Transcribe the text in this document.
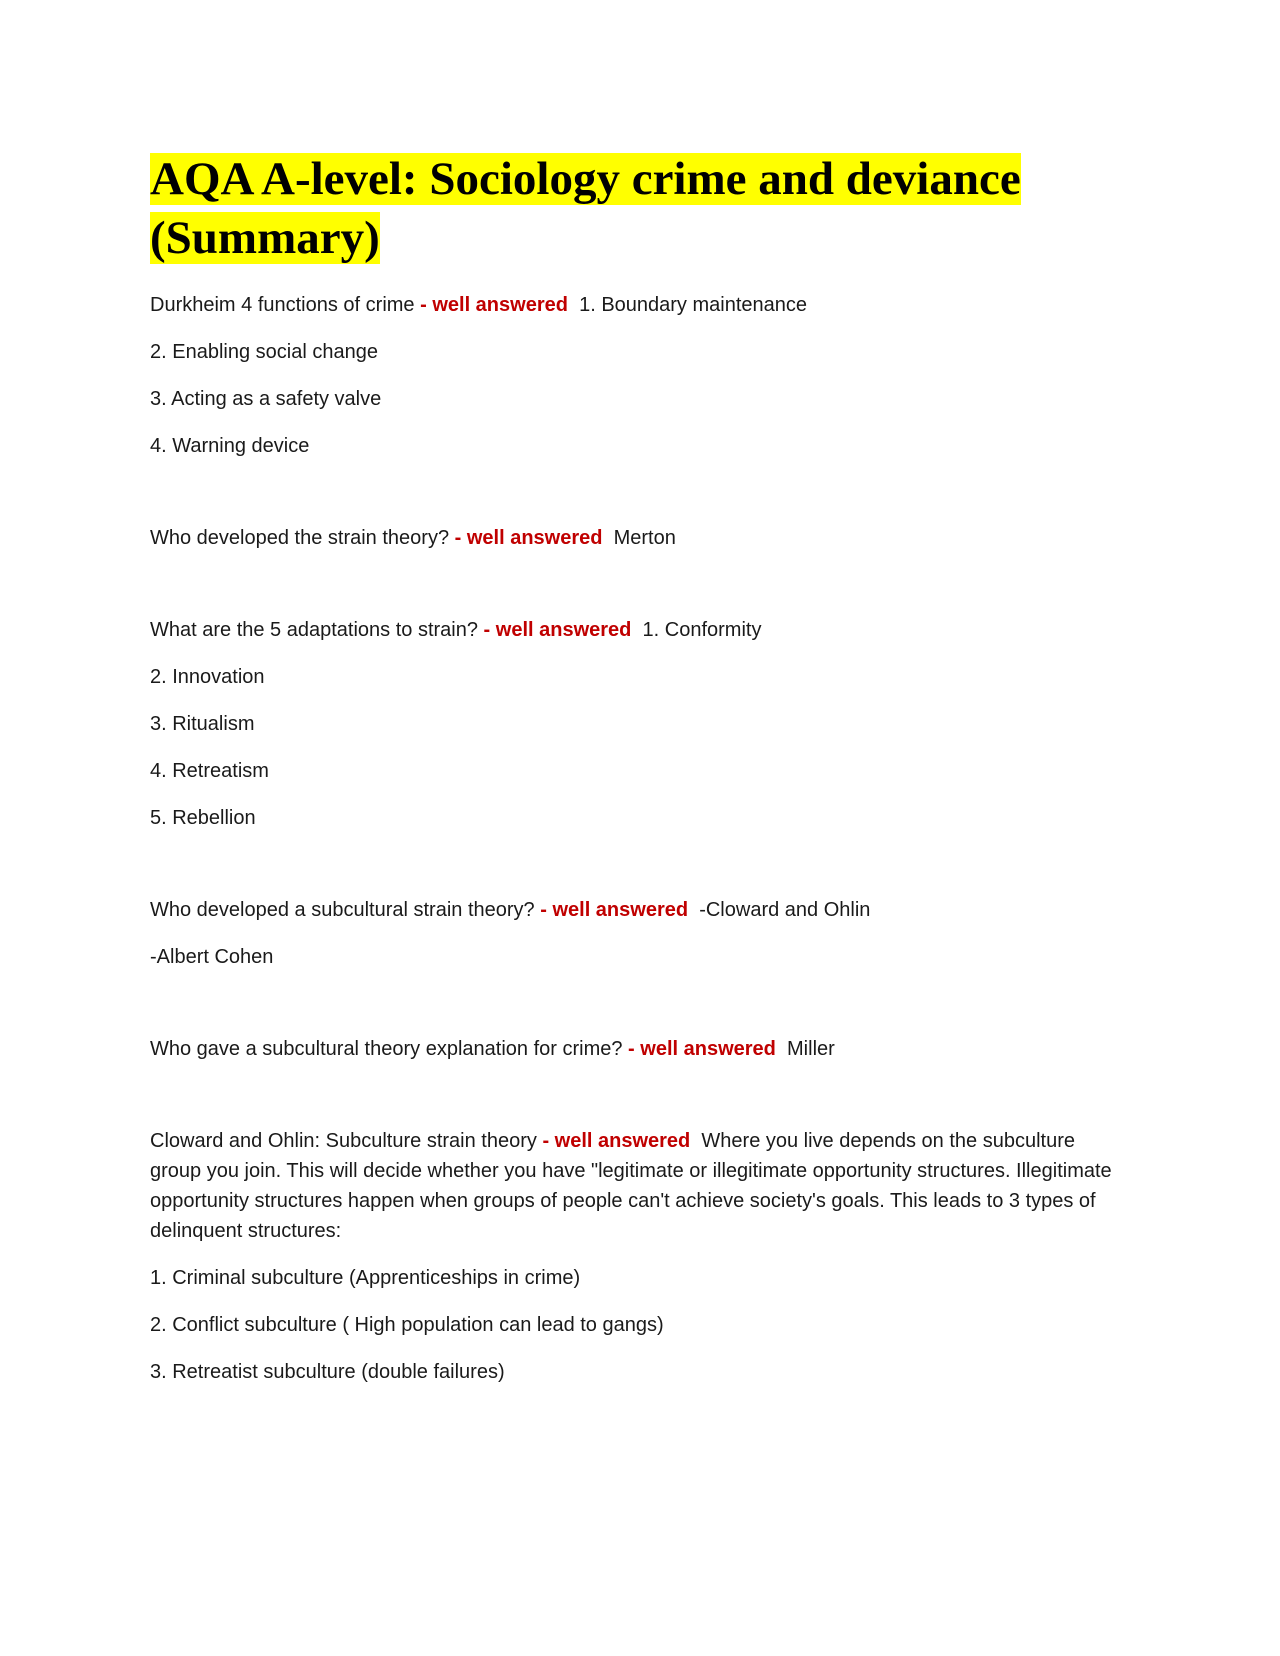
AQA A-level: Sociology crime and deviance (Summary)
Durkheim 4 functions of crime - well answered 1. Boundary maintenance
2. Enabling social change
3. Acting as a safety valve
4. Warning device
Who developed the strain theory? - well answered Merton
What are the 5 adaptations to strain? - well answered 1. Conformity
2. Innovation
3. Ritualism
4. Retreatism
5. Rebellion
Who developed a subcultural strain theory? - well answered -Cloward and Ohlin
-Albert Cohen
Who gave a subcultural theory explanation for crime? - well answered Miller
Cloward and Ohlin: Subculture strain theory - well answered Where you live depends on the subculture group you join. This will decide whether you have "legitimate or illegitimate opportunity structures. Illegitimate opportunity structures happen when groups of people can't achieve society's goals. This leads to 3 types of delinquent structures:
1. Criminal subculture (Apprenticeships in crime)
2. Conflict subculture ( High population can lead to gangs)
3. Retreatist subculture (double failures)
